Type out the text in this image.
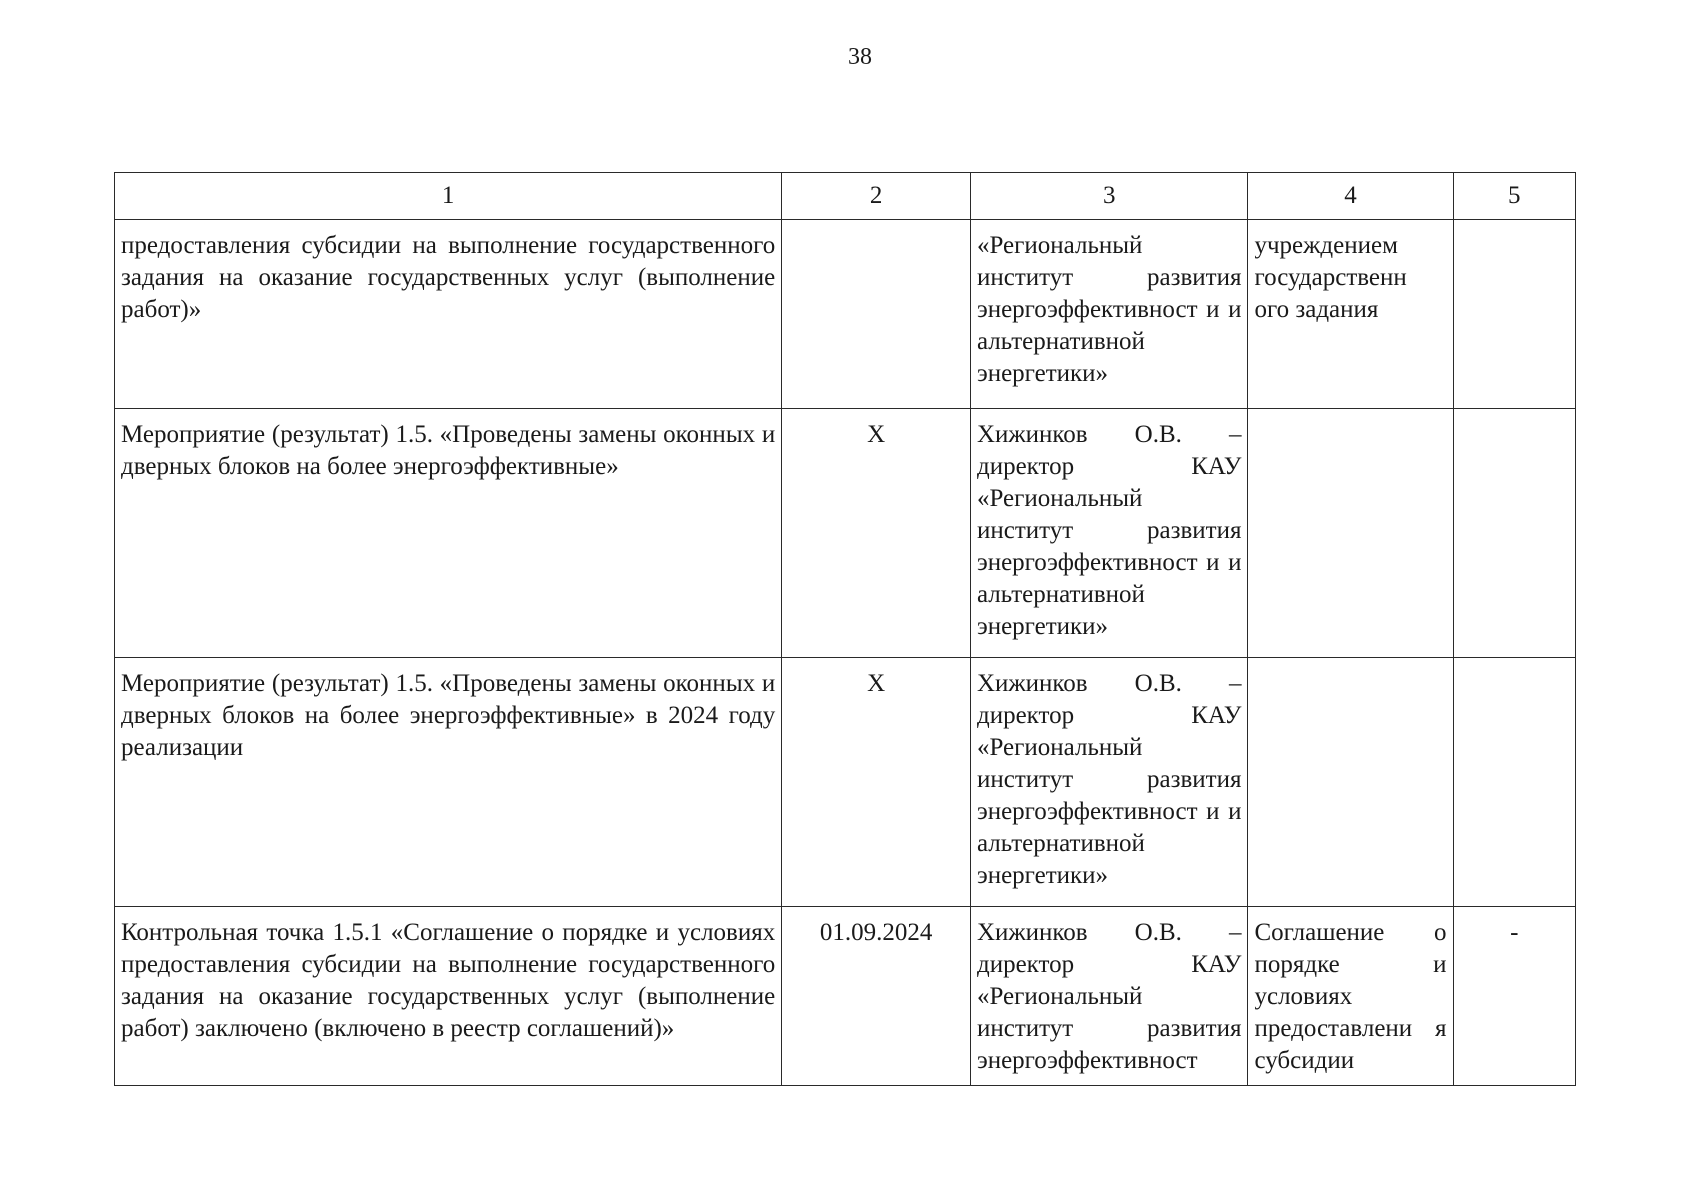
38
1	2	3	4	5
предоставления субсидии на выполнение государственного задания на оказание государственных услуг (выполнение работ)»		«Региональный институт развития энергоэффективност и и альтернативной энергетики»	учреждением государственн ого задания	
Мероприятие (результат) 1.5. «Проведены замены оконных и дверных блоков на более энергоэффективные»	X	Хижинков О.В. – директор КАУ «Региональный институт развития энергоэффективност и и альтернативной энергетики»		
Мероприятие (результат) 1.5. «Проведены замены оконных и дверных блоков на более энергоэффективные» в 2024 году реализации	X	Хижинков О.В. – директор КАУ «Региональный институт развития энергоэффективност и и альтернативной энергетики»		
Контрольная точка 1.5.1 «Соглашение о порядке и условиях предоставления субсидии на выполнение государственного задания на оказание государственных услуг (выполнение работ) заключено (включено в реестр соглашений)»	01.09.2024	Хижинков О.В. – директор КАУ «Региональный институт развития энергоэффективност	Соглашение о порядке и условиях предоставлени я субсидии	-
